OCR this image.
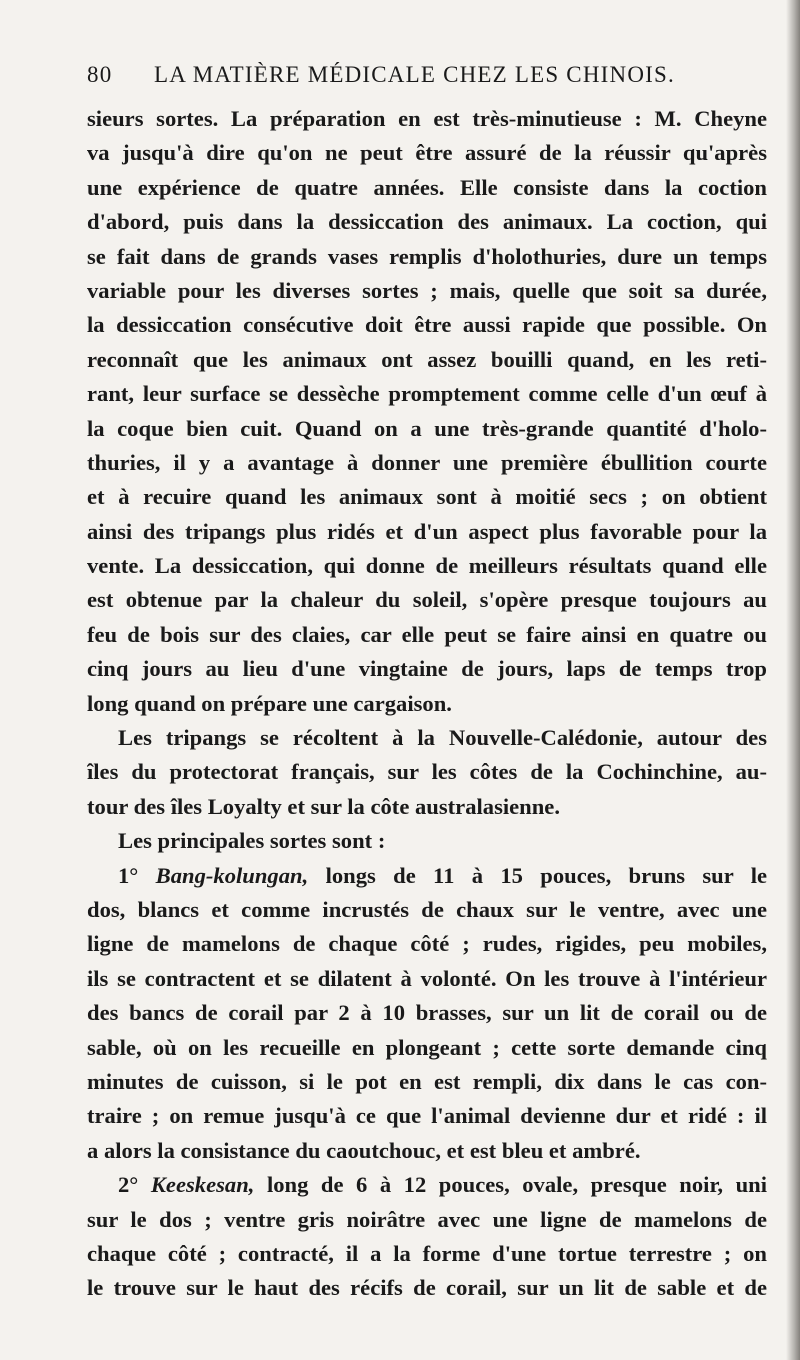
80 LA MATIÈRE MÉDICALE CHEZ LES CHINOIS.
sieurs sortes. La préparation en est très-minutieuse : M. Cheyne
va jusqu'à dire qu'on ne peut être assuré de la réussir qu'après
une expérience de quatre années. Elle consiste dans la coction
d'abord, puis dans la dessiccation des animaux. La coction, qui
se fait dans de grands vases remplis d'holothuries, dure un temps
variable pour les diverses sortes ; mais, quelle que soit sa durée,
la dessiccation consécutive doit être aussi rapide que possible. On
reconnaît que les animaux ont assez bouilli quand, en les reti-
rant, leur surface se dessèche promptement comme celle d'un œuf à
la coque bien cuit. Quand on a une très-grande quantité d'holo-
thuries, il y a avantage à donner une première ébullition courte
et à recuire quand les animaux sont à moitié secs ; on obtient
ainsi des tripangs plus ridés et d'un aspect plus favorable pour la
vente. La dessiccation, qui donne de meilleurs résultats quand elle
est obtenue par la chaleur du soleil, s'opère presque toujours au
feu de bois sur des claies, car elle peut se faire ainsi en quatre ou
cinq jours au lieu d'une vingtaine de jours, laps de temps trop
long quand on prépare une cargaison.
Les tripangs se récoltent à la Nouvelle-Calédonie, autour des
îles du protectorat français, sur les côtes de la Cochinchine, au-
tour des îles Loyalty et sur la côte australasienne.
Les principales sortes sont :
1° Bang-kolungan, longs de 11 à 15 pouces, bruns sur le
dos, blancs et comme incrustés de chaux sur le ventre, avec une
ligne de mamelons de chaque côté ; rudes, rigides, peu mobiles,
ils se contractent et se dilatent à volonté. On les trouve à l'intérieur
des bancs de corail par 2 à 10 brasses, sur un lit de corail ou de
sable, où on les recueille en plongeant ; cette sorte demande cinq
minutes de cuisson, si le pot en est rempli, dix dans le cas con-
traire ; on remue jusqu'à ce que l'animal devienne dur et ridé : il
a alors la consistance du caoutchouc, et est bleu et ambré.
2° Keeskesan, long de 6 à 12 pouces, ovale, presque noir, uni
sur le dos ; ventre gris noirâtre avec une ligne de mamelons de
chaque côté ; contracté, il a la forme d'une tortue terrestre ; on
le trouve sur le haut des récifs de corail, sur un lit de sable et de
